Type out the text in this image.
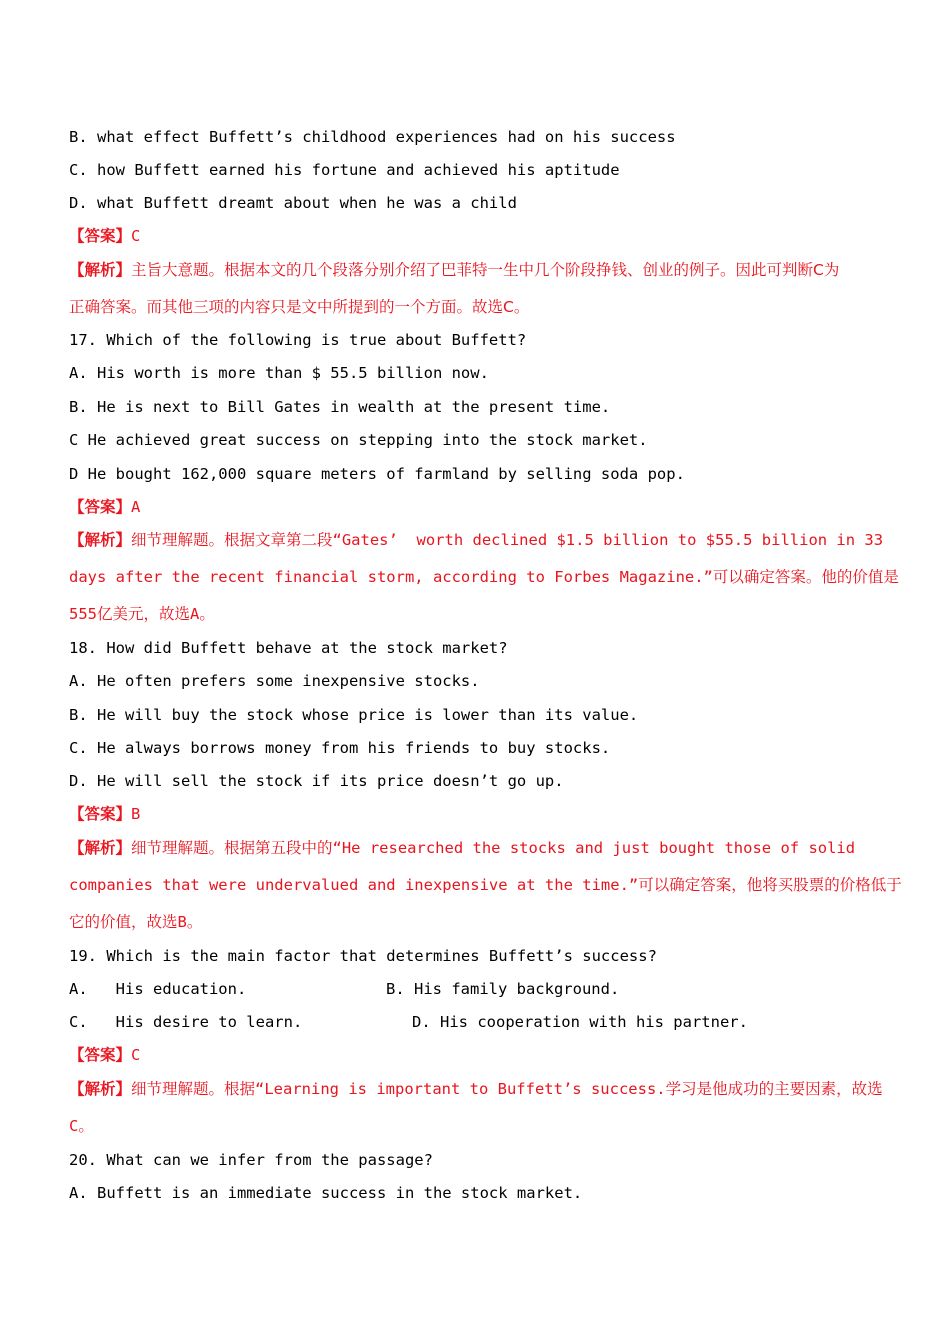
B. what effect Buffett’s childhood experiences had on his success
C. how Buffett earned his fortune and achieved his aptitude
D. what Buffett dreamt about when he was a child
【答案】C
【解析】主旨大意题。根据本文的几个段落分别介绍了巴菲特一生中几个阶段挣钱、创业的例子。因此可判断C为
正确答案。而其他三项的内容只是文中所提到的一个方面。故选C。
17. Which of the following is true about Buffett?
A. His worth is more than $ 55.5 billion now.
B. He is next to Bill Gates in wealth at the present time.
C He achieved great success on stepping into the stock market.
D He bought 162,000 square meters of farmland by selling soda pop.
【答案】A
【解析】细节理解题。根据文章第二段“Gates’  worth declined $1.5 billion to $55.5 billion in 33
days after the recent financial storm, according to Forbes Magazine.”可以确定答案。他的价值是
555亿美元，故选A。
18. How did Buffett behave at the stock market?
A. He often prefers some inexpensive stocks.
B. He will buy the stock whose price is lower than its value.
C. He always borrows money from his friends to buy stocks.
D. He will sell the stock if its price doesn’t go up.
【答案】B
【解析】细节理解题。根据第五段中的“He researched the stocks and just bought those of solid
companies that were undervalued and inexpensive at the time.”可以确定答案，他将买股票的价格低于
它的价值，故选B。
19. Which is the main factor that determines Buffett’s success?
A.   His education.	B. His family background.
C.   His desire to learn.	D. His cooperation with his partner.
【答案】C
【解析】细节理解题。根据“Learning is important to Buffett’s success.学习是他成功的主要因素，故选
C。
20. What can we infer from the passage?
A. Buffett is an immediate success in the stock market.
